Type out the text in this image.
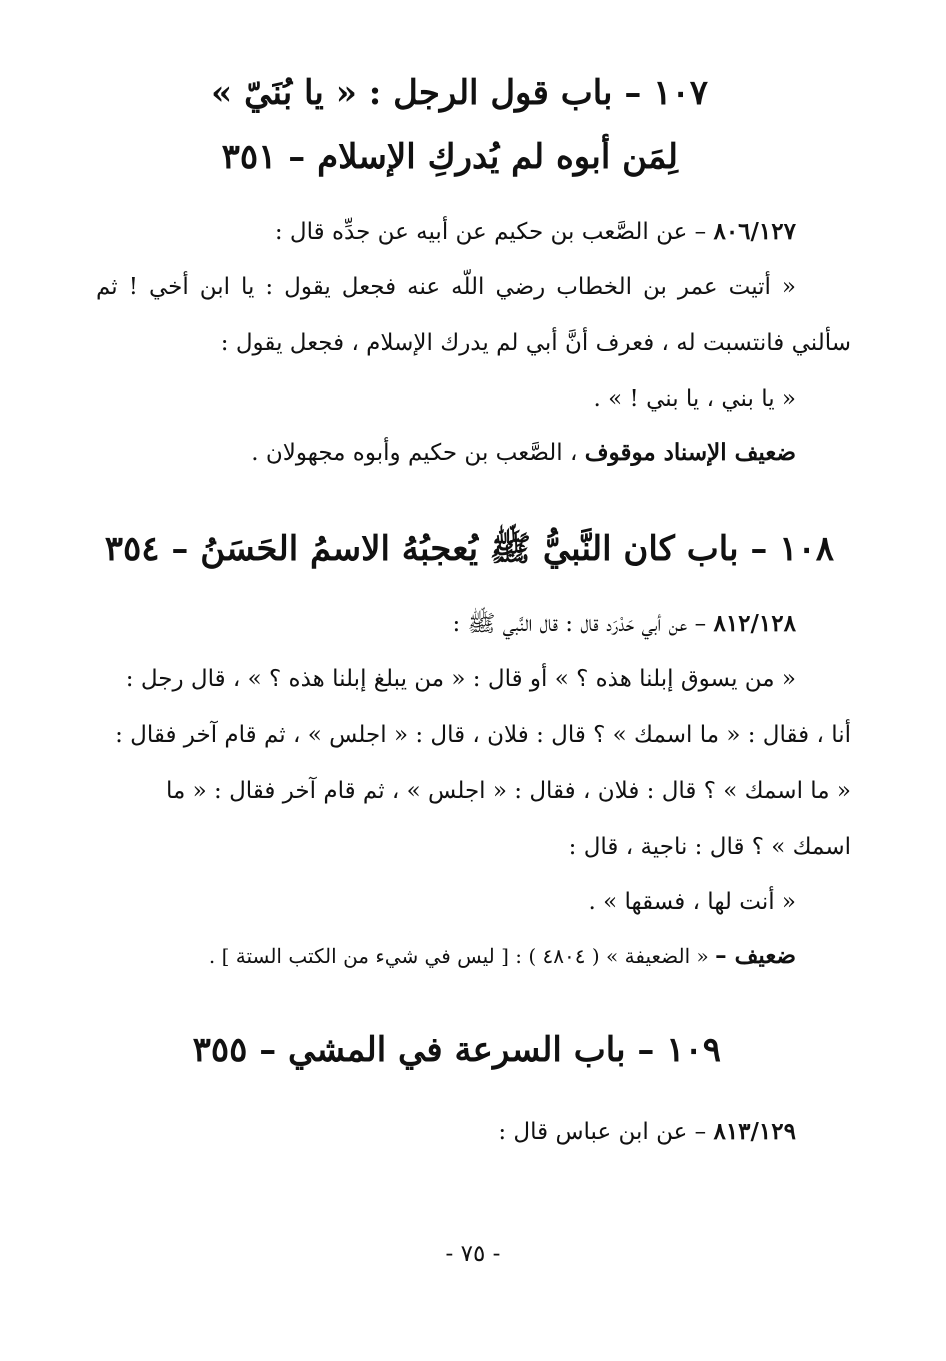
١٠٧ – باب قول الرجل : « يا بُنَيّ »
لِمَن أبوه لم يُدركِ الإسلام – ٣٥١
٨٠٦/١٢٧ – عن الصَّعب بن حكيم عن أبيه عن جدِّه قال :
« أتيت عمر بن الخطاب رضي اللّه عنه فجعل يقول : يا ابن أخي ! ثم
سألني فانتسبت له ، فعرف أنَّ أبي لم يدرك الإسلام ، فجعل يقول :
« يا بني ، يا بني ! » .
ضعيف الإسناد موقوف ، الصَّعب بن حكيم وأبوه مجهولان .
١٠٨ – باب كان النَّبيُّ ﷺ يُعجبُهُ الاسمُ الحَسَنُ – ٣٥٤
٨١٢/١٢٨ – عن أبي حَدْرَد قال : قال النَّبي ﷺ :
« من يسوق إبلنا هذه ؟ » أو قال : « من يبلغ إبلنا هذه ؟ » ، قال رجل :
أنا ، فقال : « ما اسمك » ؟ قال : فلان ، قال : « اجلس » ، ثم قام آخر فقال :
« ما اسمك » ؟ قال : فلان ، فقال : « اجلس » ، ثم قام آخر فقال : « ما
اسمك » ؟ قال : ناجية ، قال :
« أنت لها ، فسقها » .
ضعيف – « الضعيفة » ( ٤٨٠٤ ) : [ ليس في شيء من الكتب الستة ] .
١٠٩ – باب السرعة في المشي – ٣٥٥
٨١٣/١٢٩ – عن ابن عباس قال :
- ٧٥ -
